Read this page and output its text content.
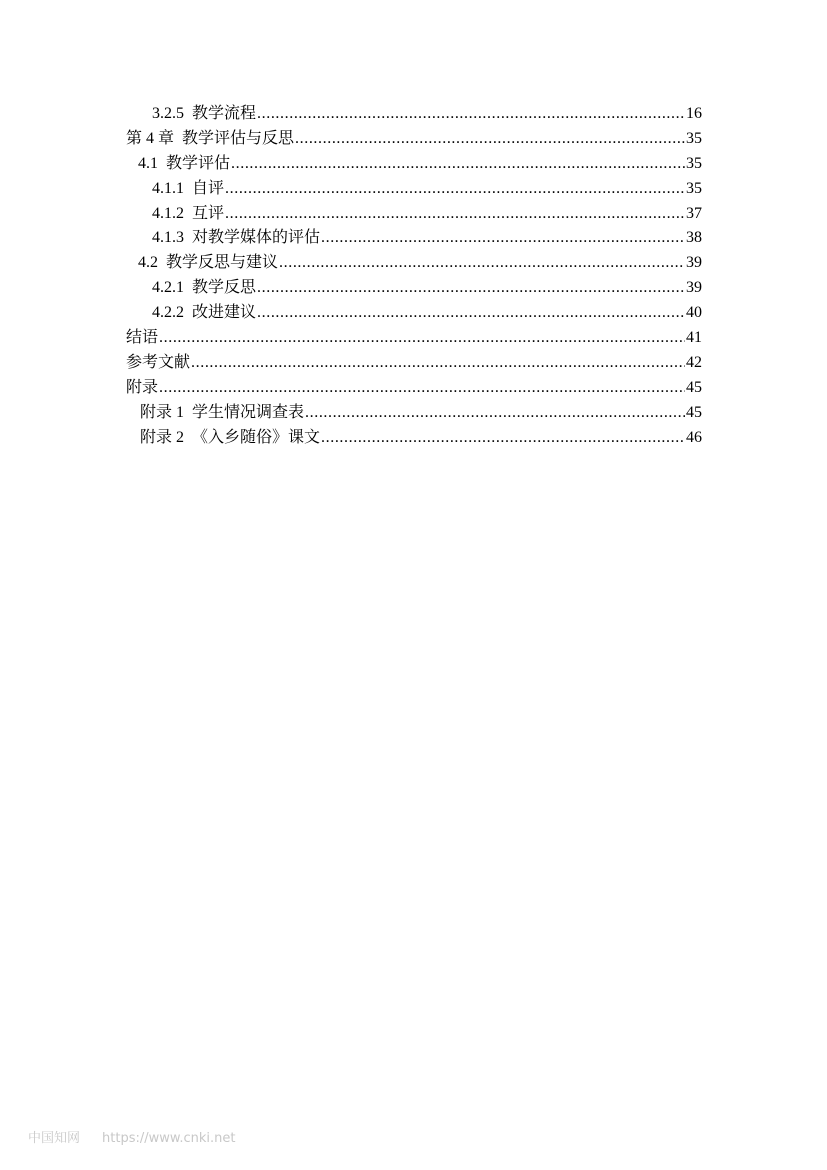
3.2.5 教学流程 .....	16
第 4 章 教学评估与反思 .....	35
4.1 教学评估 .....	35
4.1.1 自评 .....	35
4.1.2 互评 .....	37
4.1.3 对教学媒体的评估 .....	38
4.2 教学反思与建议 .....	39
4.2.1 教学反思 .....	39
4.2.2 改进建议 .....	40
结语 .....	41
参考文献 .....	42
附录 .....	45
附录 1 学生情况调查表 .....	45
附录 2 《入乡随俗》课文 .....	46
中国知网 https://www.cnki.net
